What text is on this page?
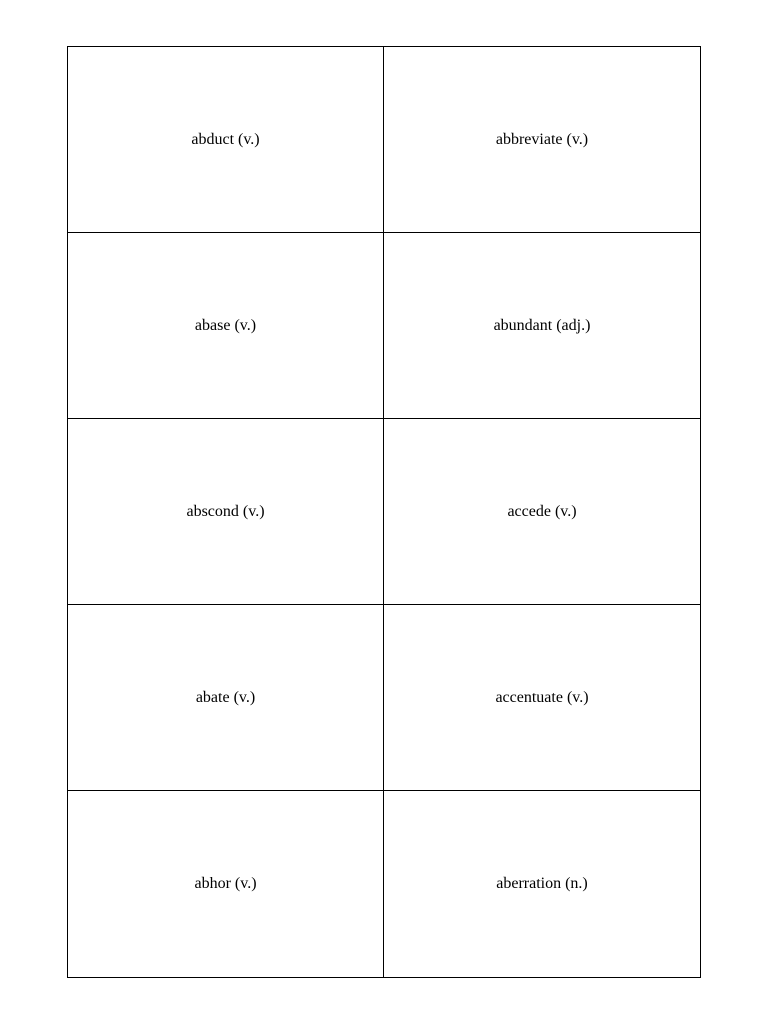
abduct (v.)	abbreviate (v.)
abase (v.)	abundant (adj.)
abscond (v.)	accede (v.)
abate (v.)	accentuate (v.)
abhor (v.)	aberration (n.)
